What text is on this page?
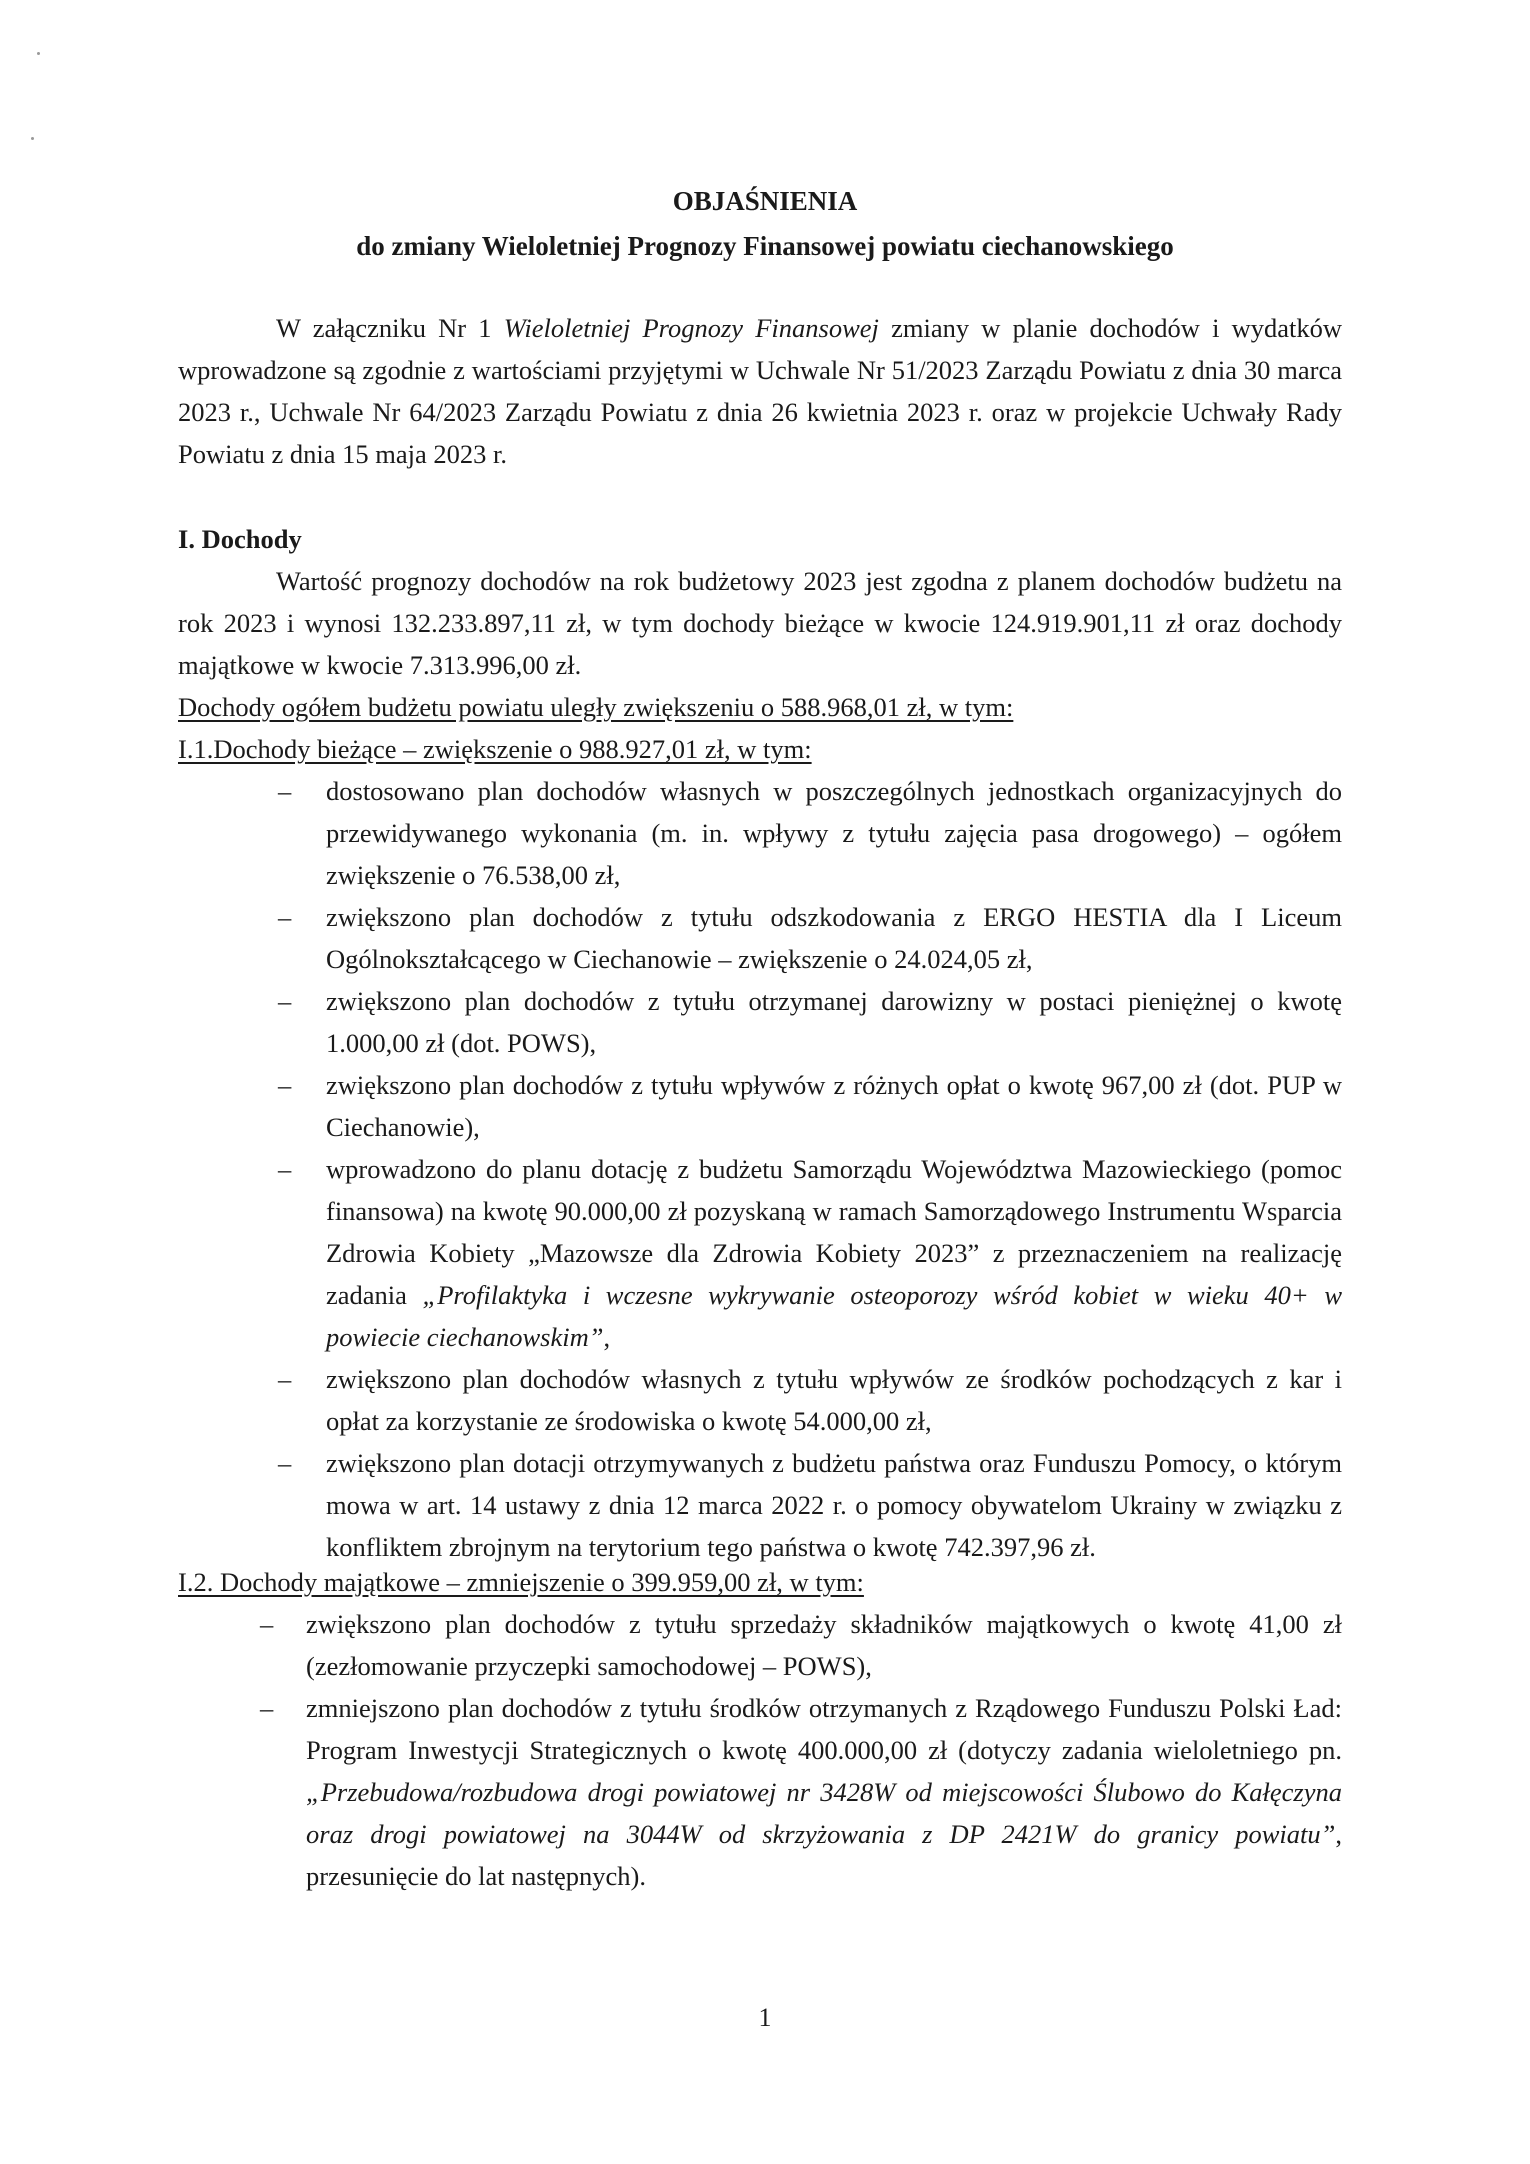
OBJAŚNIENIA

do zmiany Wieloletniej Prognozy Finansowej powiatu ciechanowskiego

W załączniku Nr 1 Wieloletniej Prognozy Finansowej zmiany w planie dochodów i wydatków wprowadzone są zgodnie z wartościami przyjętymi w Uchwale Nr 51/2023 Zarządu Powiatu z dnia 30 marca 2023 r., Uchwale Nr 64/2023 Zarządu Powiatu z dnia 26 kwietnia 2023 r. oraz w projekcie Uchwały Rady Powiatu z dnia 15 maja 2023 r.

I. Dochody

Wartość prognozy dochodów na rok budżetowy 2023 jest zgodna z planem dochodów budżetu na rok 2023 i wynosi 132.233.897,11 zł, w tym dochody bieżące w kwocie 124.919.901,11 zł oraz dochody majątkowe w kwocie 7.313.996,00 zł.

Dochody ogółem budżetu powiatu uległy zwiększeniu o 588.968,01 zł, w tym:

I.1.Dochody bieżące – zwiększenie o 988.927,01 zł, w tym:

– dostosowano plan dochodów własnych w poszczególnych jednostkach organizacyjnych do przewidywanego wykonania (m. in. wpływy z tytułu zajęcia pasa drogowego) – ogółem zwiększenie o 76.538,00 zł,
– zwiększono plan dochodów z tytułu odszkodowania z ERGO HESTIA dla I Liceum Ogólnokształcącego w Ciechanowie – zwiększenie o 24.024,05 zł,
– zwiększono plan dochodów z tytułu otrzymanej darowizny w postaci pieniężnej o kwotę 1.000,00 zł (dot. POWS),
– zwiększono plan dochodów z tytułu wpływów z różnych opłat o kwotę 967,00 zł (dot. PUP w Ciechanowie),
– wprowadzono do planu dotację z budżetu Samorządu Województwa Mazowieckiego (pomoc finansowa) na kwotę 90.000,00 zł pozyskaną w ramach Samorządowego Instrumentu Wsparcia Zdrowia Kobiety „Mazowsze dla Zdrowia Kobiety 2023” z przeznaczeniem na realizację zadania „Profilaktyka i wczesne wykrywanie osteoporozy wśród kobiet w wieku 40+ w powiecie ciechanowskim”,
– zwiększono plan dochodów własnych z tytułu wpływów ze środków pochodzących z kar i opłat za korzystanie ze środowiska o kwotę 54.000,00 zł,
– zwiększono plan dotacji otrzymywanych z budżetu państwa oraz Funduszu Pomocy, o którym mowa w art. 14 ustawy z dnia 12 marca 2022 r. o pomocy obywatelom Ukrainy w związku z konfliktem zbrojnym na terytorium tego państwa o kwotę 742.397,96 zł.

I.2. Dochody majątkowe – zmniejszenie o 399.959,00 zł, w tym:

– zwiększono plan dochodów z tytułu sprzedaży składników majątkowych o kwotę 41,00 zł (zezłomowanie przyczepki samochodowej – POWS),
– zmniejszono plan dochodów z tytułu środków otrzymanych z Rządowego Funduszu Polski Ład: Program Inwestycji Strategicznych o kwotę 400.000,00 zł (dotyczy zadania wieloletniego pn. „Przebudowa/rozbudowa drogi powiatowej nr 3428W od miejscowości Ślubowo do Kałęczyna oraz drogi powiatowej na 3044W od skrzyżowania z DP 2421W do granicy powiatu”, przesunięcie do lat następnych).

1
